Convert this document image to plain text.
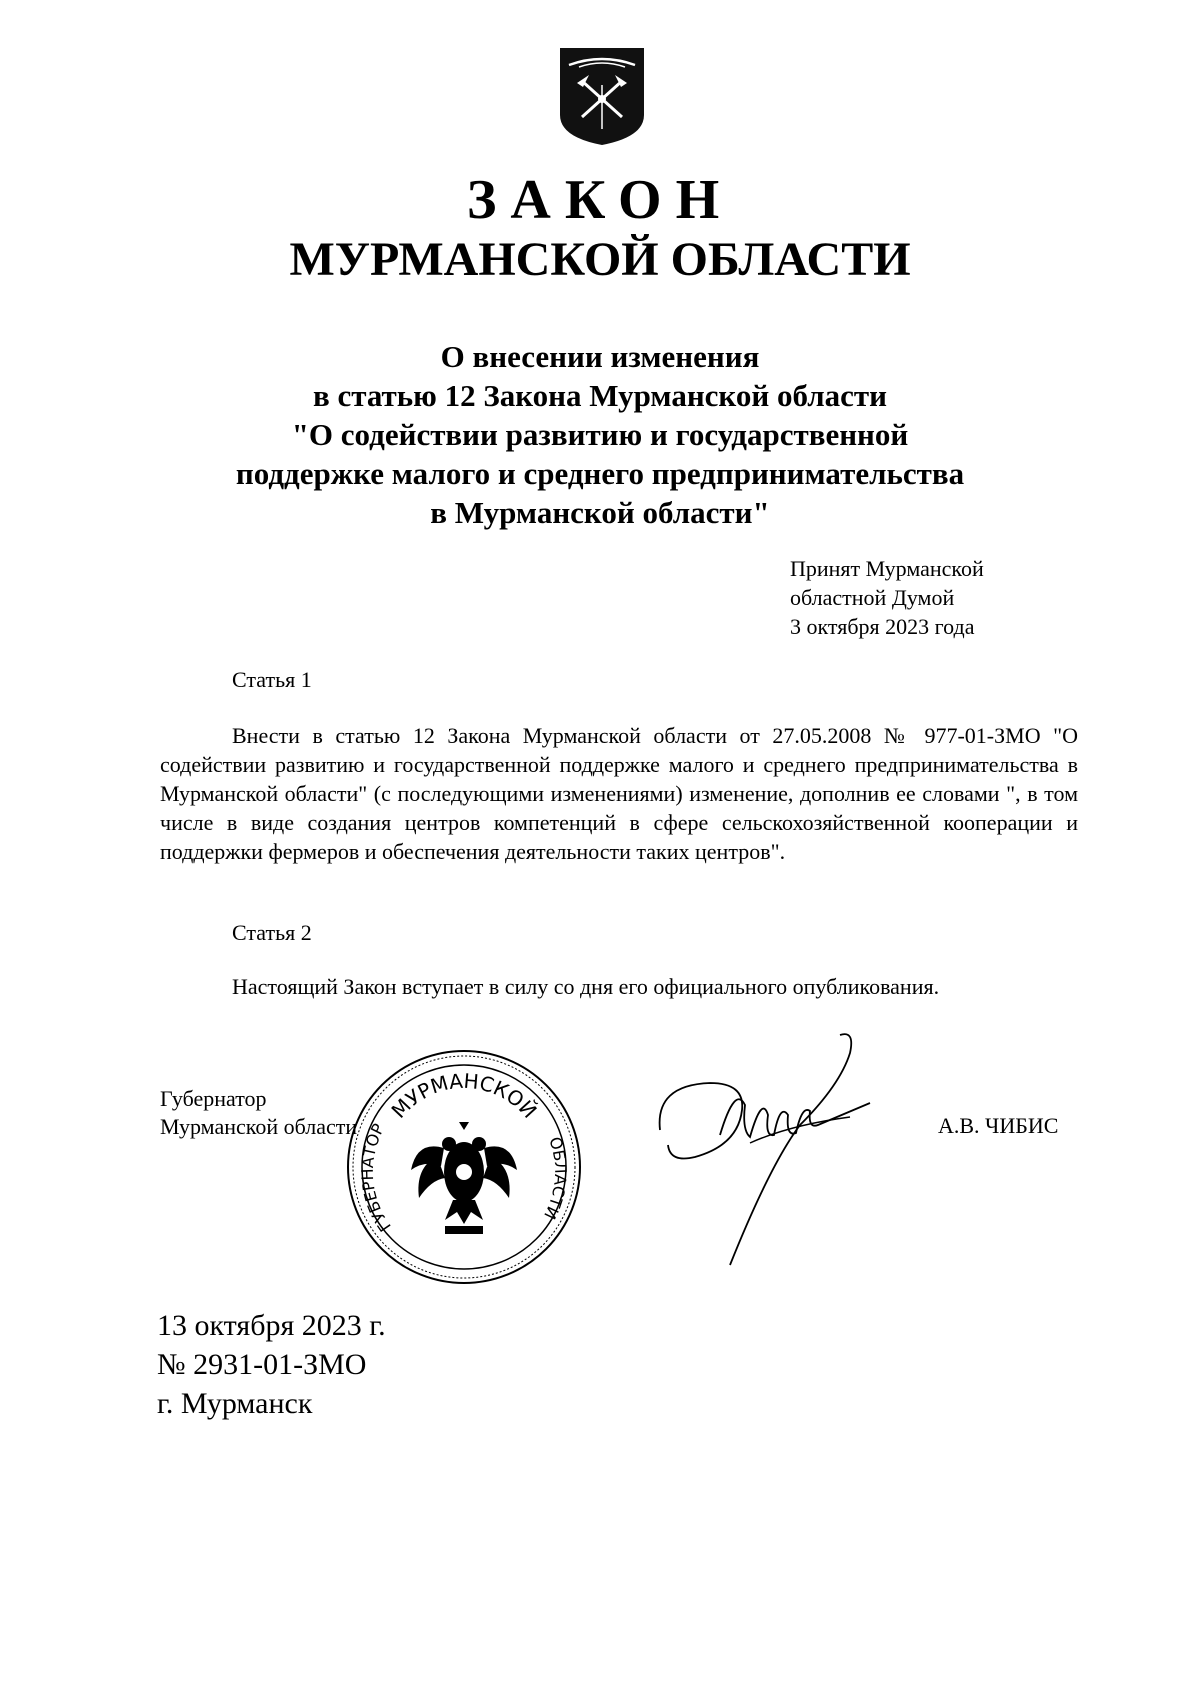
ЗАКОН
МУРМАНСКОЙ ОБЛАСТИ
О внесении изменения
в статью 12 Закона Мурманской области
"О содействии развитию и государственной
поддержке малого и среднего предпринимательства
в Мурманской области"
Принят Мурманской
областной Думой
3 октября 2023 года
Статья 1
Внести в статью 12 Закона Мурманской области от 27.05.2008 № 977-01-ЗМО "О содействии развитию и государственной поддержке малого и среднего предпринимательства в Мурманской области" (с последующими изменениями) изменение, дополнив ее словами ", в том числе в виде создания центров компетенций в сфере сельскохозяйственной кооперации и поддержки фермеров и обеспечения деятельности таких центров".
Статья 2
Настоящий Закон вступает в силу со дня его официального опубликования.
Губернатор
Мурманской области
МУРМАНСКОЙ
ГУБЕРНАТОР
ОБЛАСТИ
А.В. ЧИБИС
13 октября 2023 г.
№ 2931-01-ЗМО
г. Мурманск
